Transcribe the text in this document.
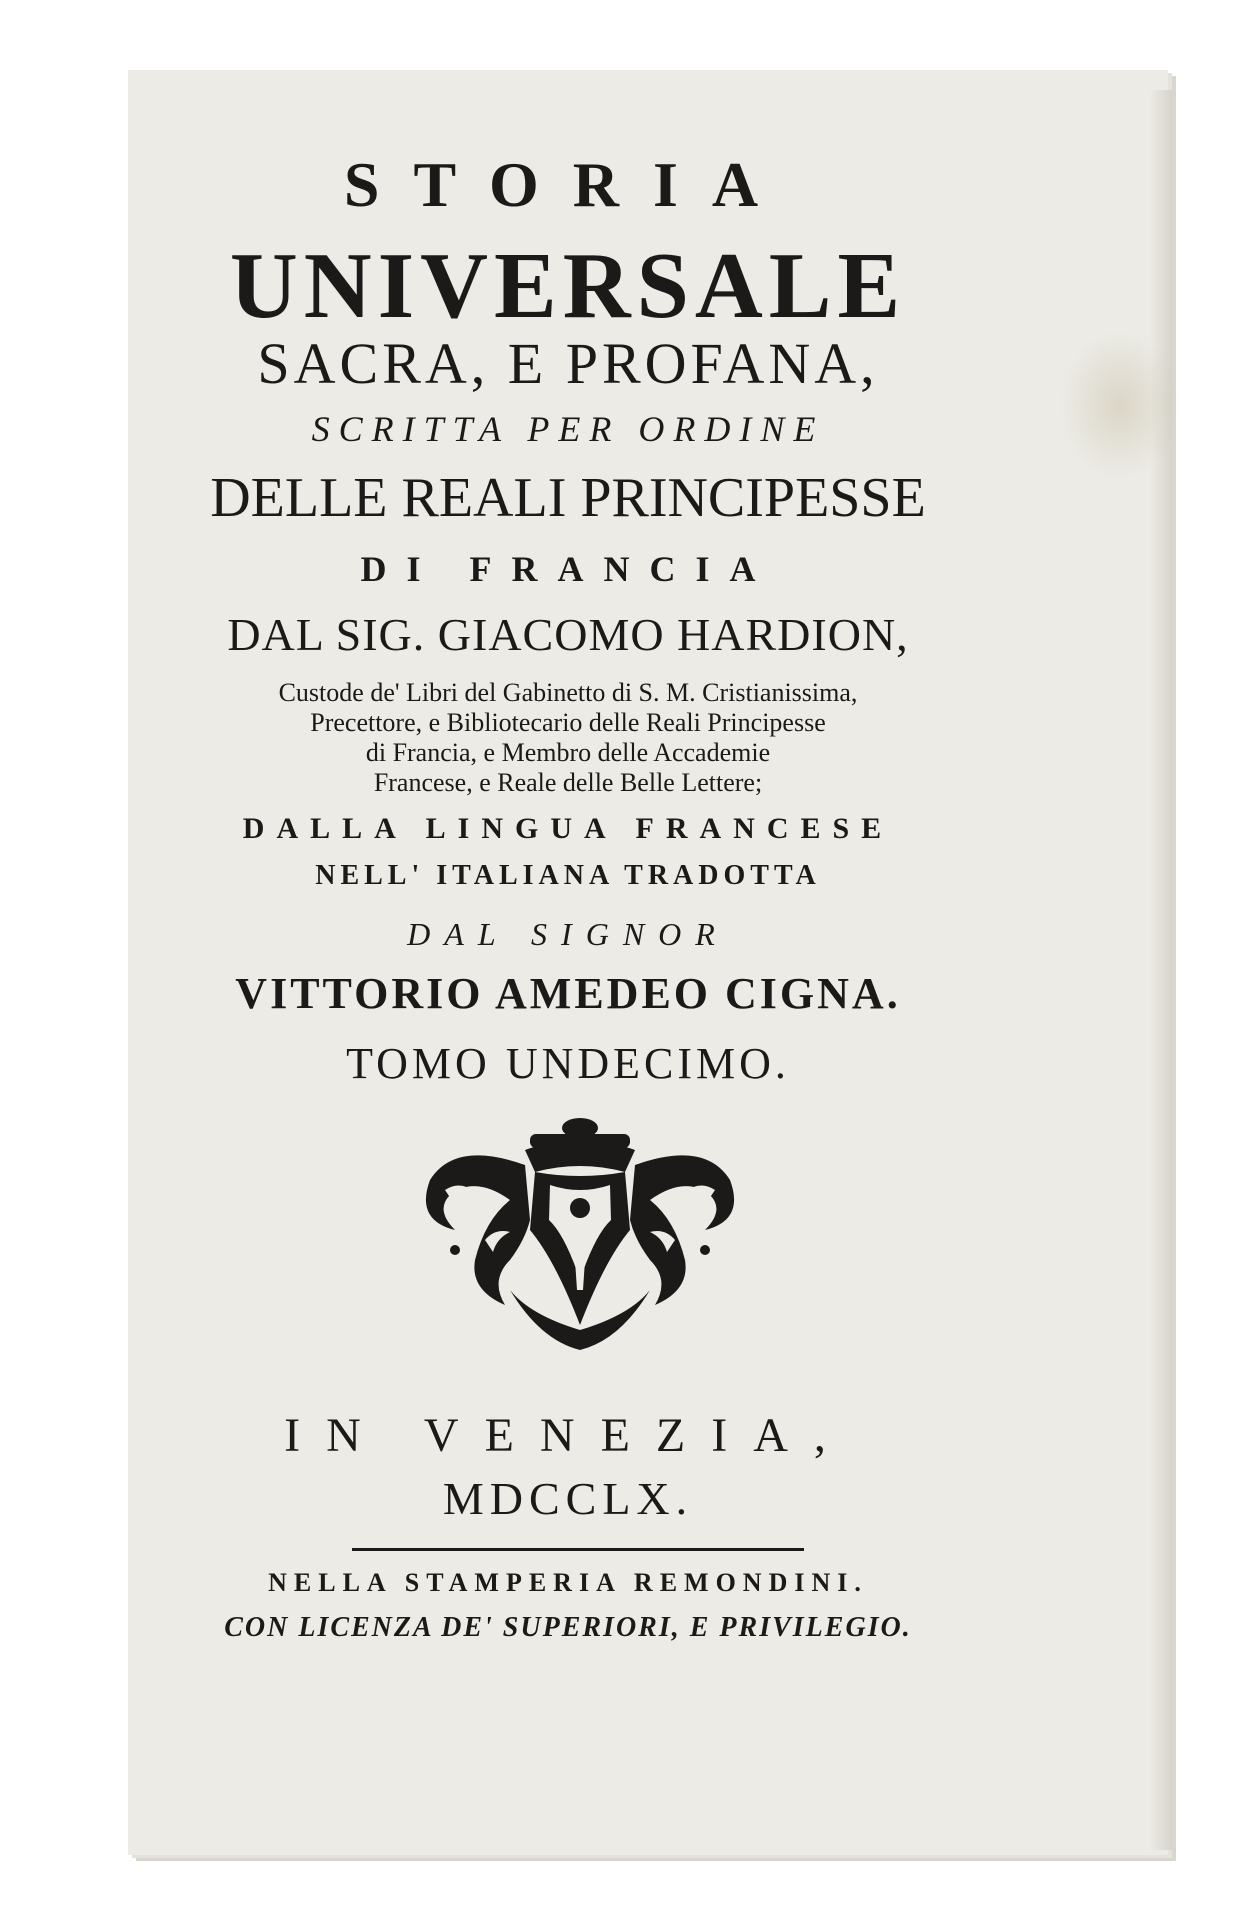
STORIA
UNIVERSALE
SACRA, E PROFANA,
SCRITTA PER ORDINE
DELLE REALI PRINCIPESSE
DI FRANCIA
DAL SIG. GIACOMO HARDION,
Custode de' Libri del Gabinetto di S. M. Cristianissima,
Precettore, e Bibliotecario delle Reali Principesse
di Francia, e Membro delle Accademie
Francese, e Reale delle Belle Lettere;
DALLA LINGUA FRANCESE
NELL' ITALIANA TRADOTTA
DAL SIGNOR
VITTORIO AMEDEO CIGNA.
TOMO UNDECIMO.
IN VENEZIA,
MDCCLX.
NELLA STAMPERIA REMONDINI.
CON LICENZA DE' SUPERIORI, E PRIVILEGIO.
